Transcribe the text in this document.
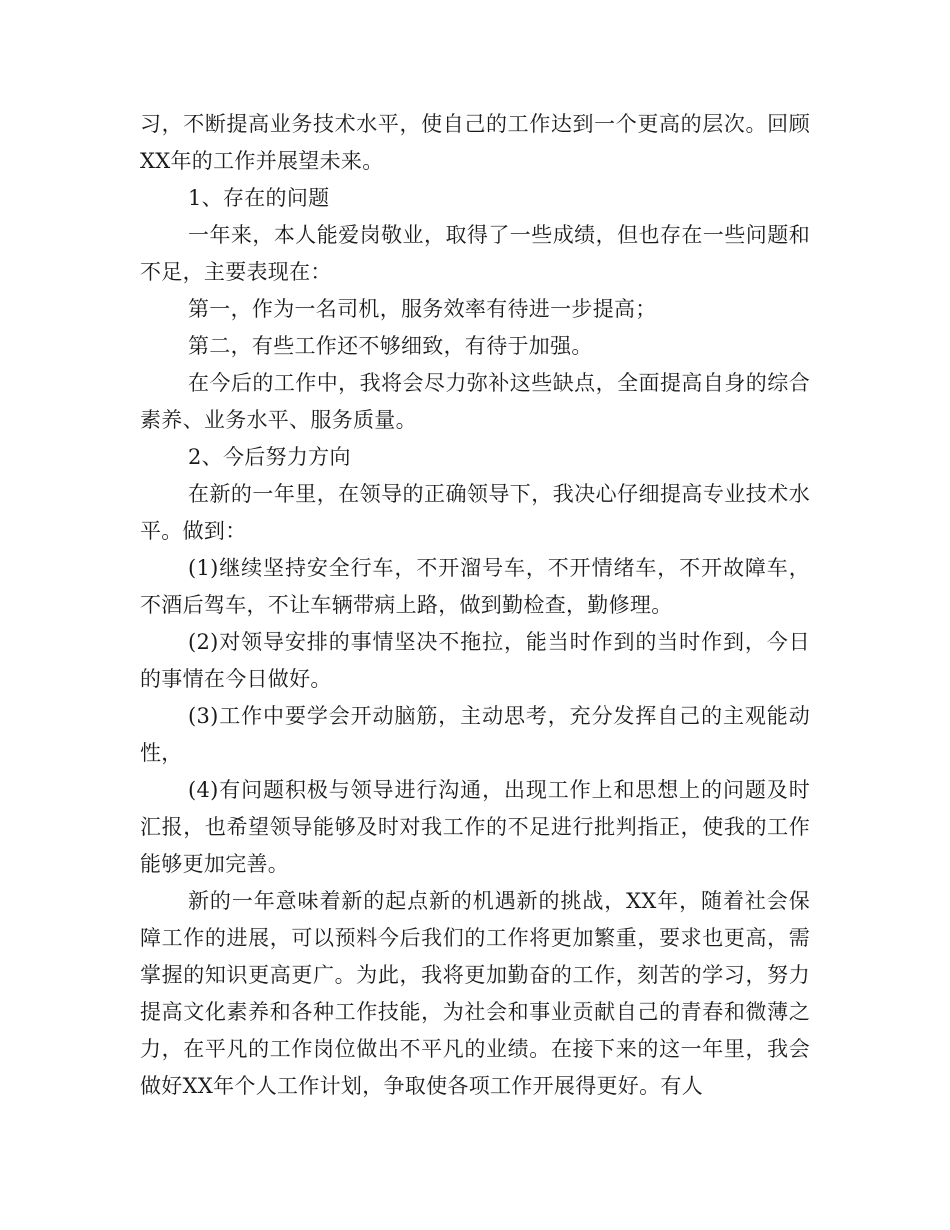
习，不断提高业务技术水平，使自己的工作达到一个更高的层次。回顾XX年的工作并展望未来。

1、存在的问题

一年来，本人能爱岗敬业，取得了一些成绩，但也存在一些问题和不足，主要表现在：

第一，作为一名司机，服务效率有待进一步提高；

第二，有些工作还不够细致，有待于加强。

在今后的工作中，我将会尽力弥补这些缺点，全面提高自身的综合素养、业务水平、服务质量。

2、今后努力方向

在新的一年里，在领导的正确领导下，我决心仔细提高专业技术水平。做到：

(1)继续坚持安全行车，不开溜号车，不开情绪车，不开故障车，不酒后驾车，不让车辆带病上路，做到勤检查，勤修理。

(2)对领导安排的事情坚决不拖拉，能当时作到的当时作到，今日的事情在今日做好。

(3)工作中要学会开动脑筋，主动思考，充分发挥自己的主观能动性，

(4)有问题积极与领导进行沟通，出现工作上和思想上的问题及时汇报，也希望领导能够及时对我工作的不足进行批判指正，使我的工作能够更加完善。

新的一年意味着新的起点新的机遇新的挑战，XX年，随着社会保障工作的进展，可以预料今后我们的工作将更加繁重，要求也更高，需掌握的知识更高更广。为此，我将更加勤奋的工作，刻苦的学习，努力提高文化素养和各种工作技能，为社会和事业贡献自己的青春和微薄之力，在平凡的工作岗位做出不平凡的业绩。在接下来的这一年里，我会做好XX年个人工作计划，争取使各项工作开展得更好。有人
